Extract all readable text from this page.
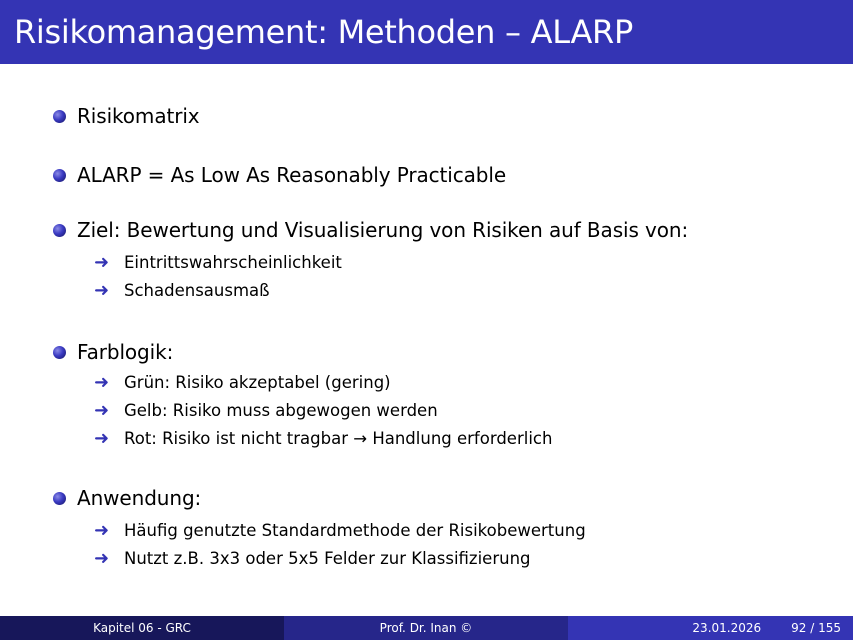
Risikomanagement: Methoden – ALARP
Risikomatrix
ALARP = As Low As Reasonably Practicable
Ziel: Bewertung und Visualisierung von Risiken auf Basis von:
➜ Eintrittswahrscheinlichkeit
➜ Schadensausmaß
Farblogik:
➜ Grün: Risiko akzeptabel (gering)
➜ Gelb: Risiko muss abgewogen werden
➜ Rot: Risiko ist nicht tragbar → Handlung erforderlich
Anwendung:
➜ Häufig genutzte Standardmethode der Risikobewertung
➜ Nutzt z.B. 3x3 oder 5x5 Felder zur Klassifizierung
Kapitel 06 - GRC	Prof. Dr. Inan ©	23.01.2026	92 / 155
